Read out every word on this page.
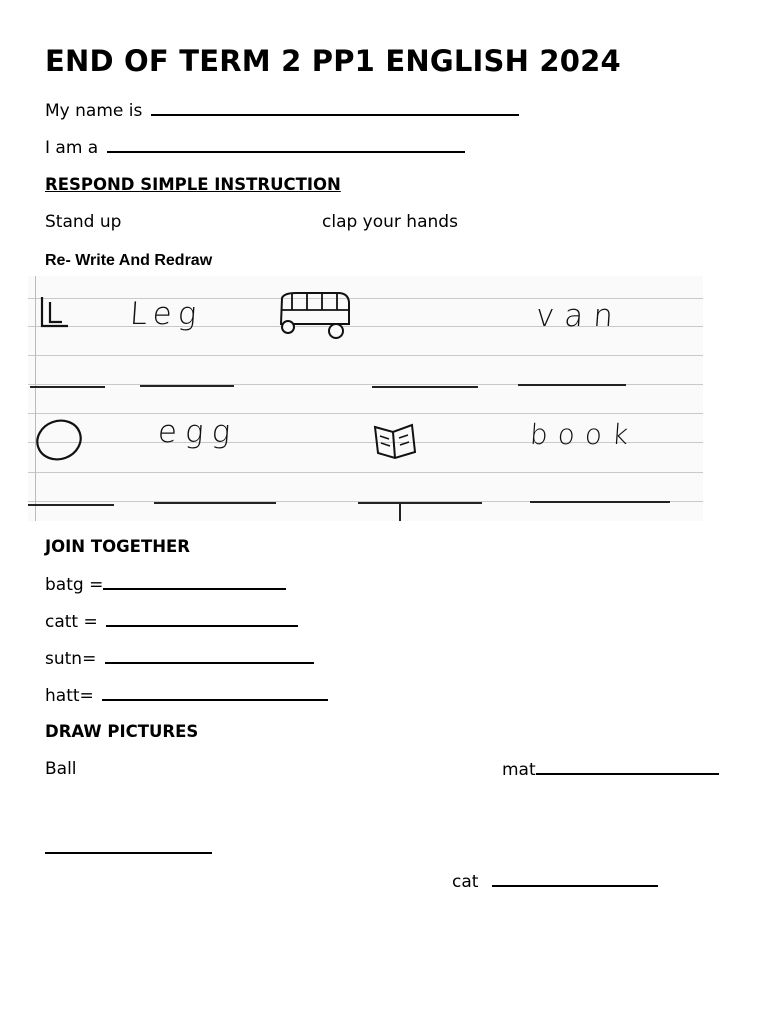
END OF TERM 2 PP1 ENGLISH 2024
My name is
I am a
RESPOND SIMPLE INSTRUCTION
Stand up	clap your hands
Re- Write And Redraw
Leg	van
egg	book
JOIN TOGETHER
batg =
catt =
sutn=
hatt=
DRAW PICTURES
Ball	mat
cat
